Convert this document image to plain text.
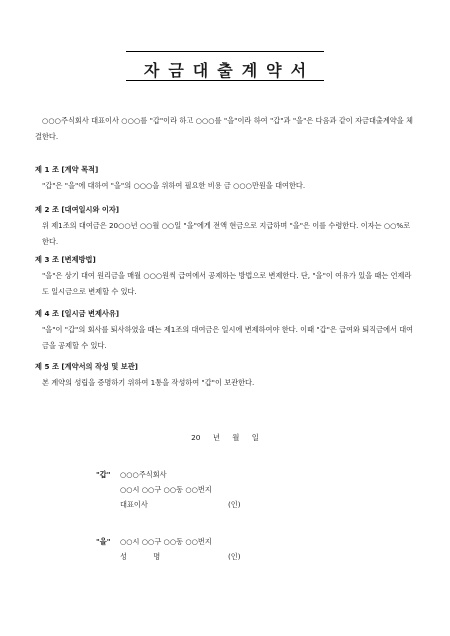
자금대출계약서
○○○주식회사 대표이사 ○○○를 "갑"이라 하고 ○○○를 "을"이라 하여 "갑"과 "을"은 다음과 같이 자금대출계약을 체결한다.
제 1 조 [계약 목적]
"갑"은 "을"에 대하여 "을"의 ○○○을 위하여 필요한 비용 금 ○○○만원을 대여한다.
제 2 조 [대여일시와 이자]
위 제1조의 대여금은 20○○년 ○○월 ○○일 "을"에게 전액 현금으로 지급하며 "을"은 이를 수령한다. 이자는 ○○%로 한다.
제 3 조 [변제방법]
"을"은 상기 대여 원리금을 매월 ○○○원씩 급여에서 공제하는 방법으로 변제한다. 단, "을"이 여유가 있을 때는 언제라도 일시금으로 변제할 수 있다.
제 4 조 [일시금 변제사유]
"을"이 "갑"의 회사를 퇴사하였을 때는 제1조의 대여금은 일시에 변제하여야 한다. 이때 "갑"은 급여와 퇴직금에서 대여금을 공제할 수 있다.
제 5 조 [계약서의 작성 및 보관]
본 계약의 성립을 증명하기 위하여 1통을 작성하여 "갑"이 보관한다.
20 년 월 일
"갑"	○○○주식회사
○○시 ○○구 ○○동 ○○번지
대표이사	(인)
"을"	○○시 ○○구 ○○동 ○○번지
성 명	(인)
